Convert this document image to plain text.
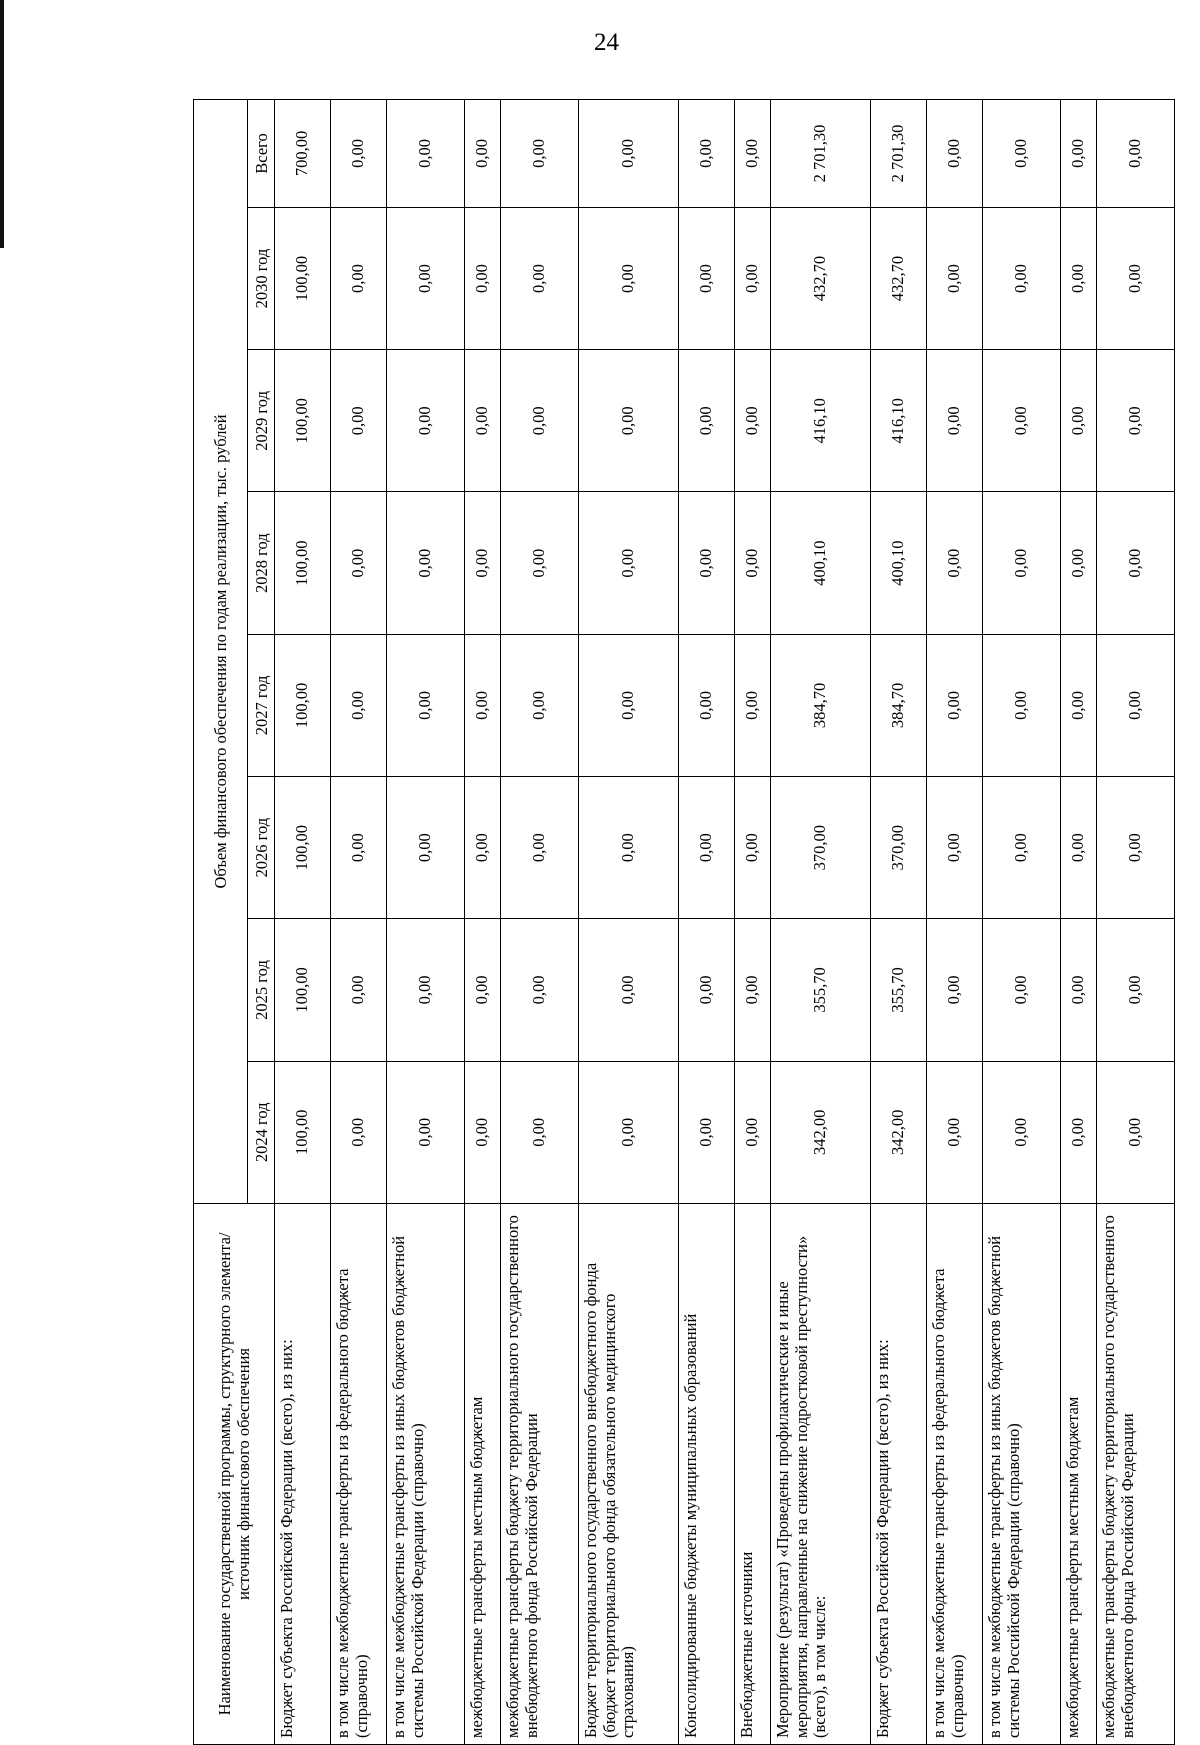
24
Наименование государственной программы, структурного элемента/источник финансового обеспечения	Объем финансового обеспечения по годам реализации, тыс. рублей							
	2024 год	2025 год	2026 год	2027 год	2028 год	2029 год	2030 год	Всего
Бюджет субъекта Российской Федерации (всего), из них:	100,00	100,00	100,00	100,00	100,00	100,00	100,00	700,00
в том числе межбюджетные трансферты из федерального бюджета (справочно)	0,00	0,00	0,00	0,00	0,00	0,00	0,00	0,00
в том числе межбюджетные трансферты из иных бюджетов бюджетной системы Российской Федерации (справочно)	0,00	0,00	0,00	0,00	0,00	0,00	0,00	0,00
межбюджетные трансферты местным бюджетам	0,00	0,00	0,00	0,00	0,00	0,00	0,00	0,00
межбюджетные трансферты бюджету территориального государственного внебюджетного фонда Российской Федерации	0,00	0,00	0,00	0,00	0,00	0,00	0,00	0,00
Бюджет территориального государственного внебюджетного фонда (бюджет территориального фонда обязательного медицинского страхования)	0,00	0,00	0,00	0,00	0,00	0,00	0,00	0,00
Консолидированные бюджеты муниципальных образований	0,00	0,00	0,00	0,00	0,00	0,00	0,00	0,00
Внебюджетные источники	0,00	0,00	0,00	0,00	0,00	0,00	0,00	0,00
Мероприятие (результат) «Проведены профилактические и иные мероприятия, направленные на снижение подростковой преступности» (всего), в том числе:	342,00	355,70	370,00	384,70	400,10	416,10	432,70	2 701,30
Бюджет субъекта Российской Федерации (всего), из них:	342,00	355,70	370,00	384,70	400,10	416,10	432,70	2 701,30
в том числе межбюджетные трансферты из федерального бюджета (справочно)	0,00	0,00	0,00	0,00	0,00	0,00	0,00	0,00
в том числе межбюджетные трансферты из иных бюджетов бюджетной системы Российской Федерации (справочно)	0,00	0,00	0,00	0,00	0,00	0,00	0,00	0,00
межбюджетные трансферты местным бюджетам	0,00	0,00	0,00	0,00	0,00	0,00	0,00	0,00
межбюджетные трансферты бюджету территориального государственного внебюджетного фонда Российской Федерации	0,00	0,00	0,00	0,00	0,00	0,00	0,00	0,00
